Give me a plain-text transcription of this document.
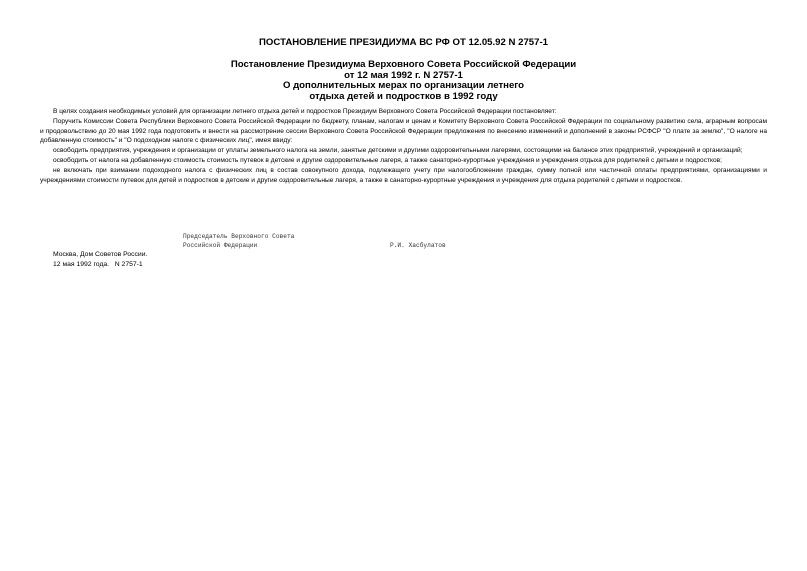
ПОСТАНОВЛЕНИЕ ПРЕЗИДИУМА ВС РФ ОТ 12.05.92 N 2757-1
Постановление Президиума Верховного Совета Российской Федерации
от 12 мая 1992 г. N 2757-1
О дополнительных мерах по организации летнего
отдыха детей и подростков в 1992 году

В целях создания необходимых условий для организации летнего отдыха детей и подростков Президиум Верховного Совета Российской Федерации постановляет:

Поручить Комиссии Совета Республики Верховного Совета Российской Федерации по бюджету, планам, налогам и ценам и Комитету Верховного Совета Российской Федерации по социальному развитию села, аграрным вопросам и продовольствию до 20 мая 1992 года подготовить и внести на рассмотрение сессии Верховного Совета Российской Федерации предложения по внесению изменений и дополнений в законы РСФСР "О плате за землю", "О налоге на добавленную стоимость" и "О подоходном налоге с физических лиц", имея ввиду:

освободить предприятия, учреждения и организации от уплаты земельного налога на земли, занятые детскими и другими оздоровительными лагерями, состоящими на балансе этих предприятий, учреждений и организаций;

освободить от налога на добавленную стоимость стоимость путевок в детские и другие оздоровительные лагеря, а также санаторно-курортные учреждения и учреждения отдыха для родителей с детьми и подростков;

не включать при взимании подоходного налога с физических лиц в состав совокупного дохода, подлежащего учету при налогообложении граждан, сумму полной или частичной оплаты предприятиями, организациями и учреждениями стоимости путевок для детей и подростков в детские и другие оздоровительные лагеря, а также в санаторно-курортные учреждения и учреждения для отдыха родителей с детьми и подростков.

Председатель Верховного Совета
Российской Федерации	Р.И. Хасбулатов
Москва, Дом Советов России.
12 мая 1992 года.   N 2757-1
